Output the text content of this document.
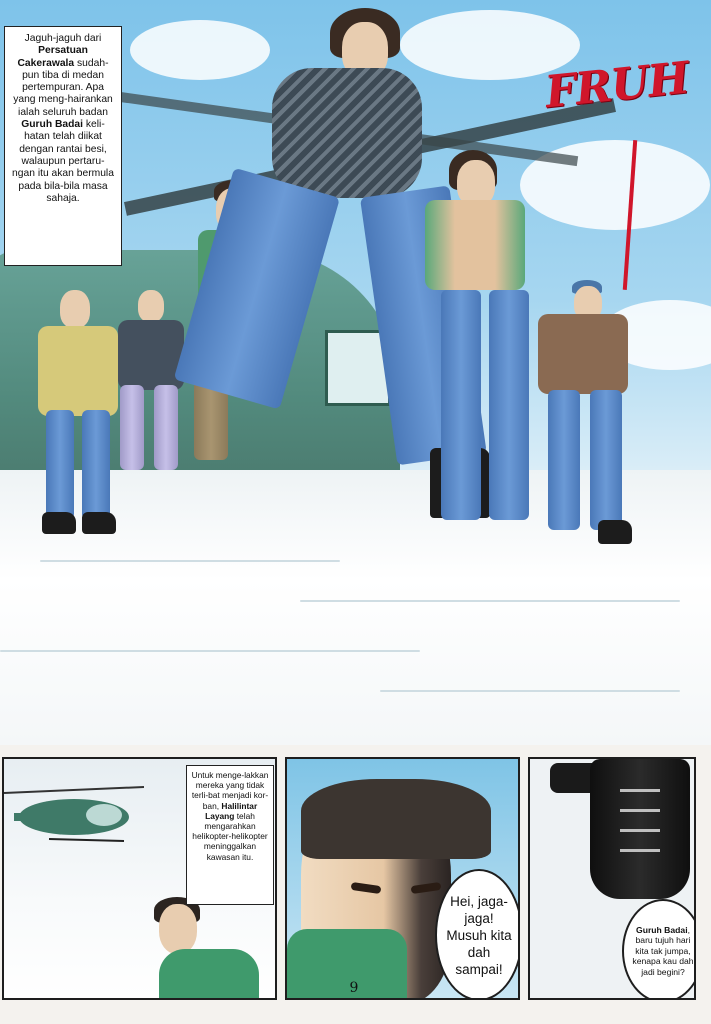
Jaguh-jaguh dari Persatuan Cakerawala sudah-pun tiba di medan pertempuran. Apa yang meng-hairankan ialah seluruh badan Guruh Badai keli-hatan telah diikat dengan rantai besi, walaupun pertaru-ngan itu akan bermula pada bila-bila masa sahaja.
FRUH
Untuk menge-lakkan mereka yang tidak terli-bat menjadi kor-ban, Halilintar Layang telah mengarahkan helikopter-helikopter meninggalkan kawasan itu.
Hei, jaga-jaga! Musuh kita dah sampai!
Guruh Badai, baru tujuh hari kita tak jumpa, kenapa kau dah jadi begini?
9
